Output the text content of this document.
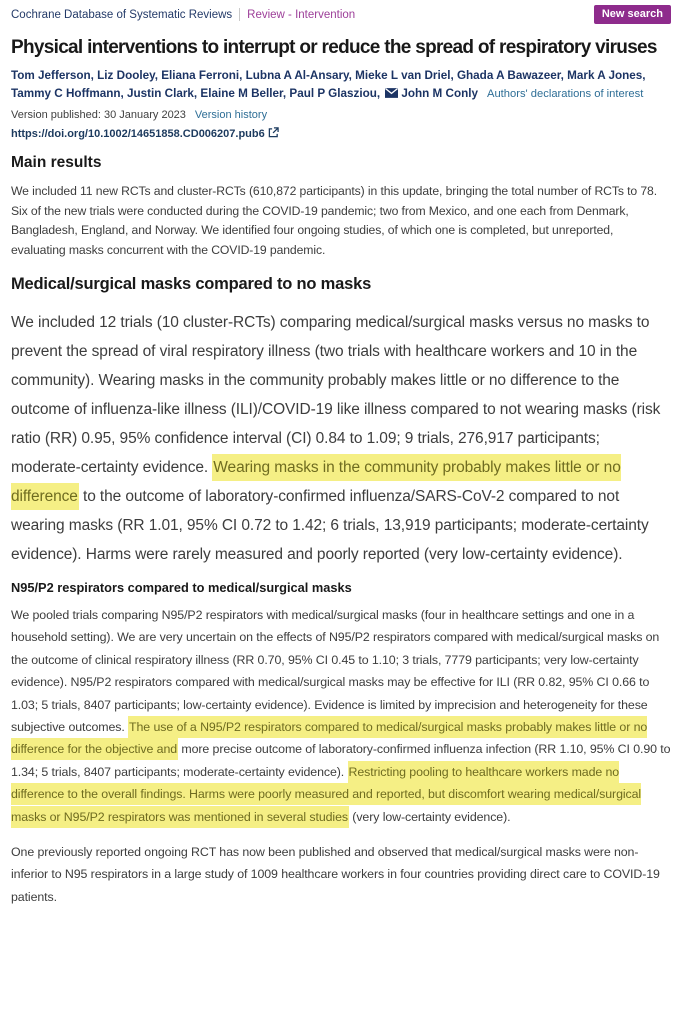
Cochrane Database of Systematic Reviews Review - Intervention	New search
Physical interventions to interrupt or reduce the spread of respiratory viruses

Tom Jefferson, Liz Dooley, Eliana Ferroni, Lubna A Al-Ansary, Mieke L van Driel, Ghada A Bawazeer, Mark A Jones, Tammy C Hoffmann, Justin Clark, Elaine M Beller, Paul P Glasziou, John M Conly Authors' declarations of interest

Version published: 30 January 2023 Version history

https://doi.org/10.1002/14651858.CD006207.pub6

Main results

We included 11 new RCTs and cluster-RCTs (610,872 participants) in this update, bringing the total number of RCTs to 78. Six of the new trials were conducted during the COVID-19 pandemic; two from Mexico, and one each from Denmark, Bangladesh, England, and Norway. We identified four ongoing studies, of which one is completed, but unreported, evaluating masks concurrent with the COVID-19 pandemic.

Medical/surgical masks compared to no masks

We included 12 trials (10 cluster-RCTs) comparing medical/surgical masks versus no masks to prevent the spread of viral respiratory illness (two trials with healthcare workers and 10 in the community). Wearing masks in the community probably makes little or no difference to the outcome of influenza-like illness (ILI)/COVID-19 like illness compared to not wearing masks (risk ratio (RR) 0.95, 95% confidence interval (CI) 0.84 to 1.09; 9 trials, 276,917 participants; moderate-certainty evidence. Wearing masks in the community probably makes little or no difference to the outcome of laboratory-confirmed influenza/SARS-CoV-2 compared to not wearing masks (RR 1.01, 95% CI 0.72 to 1.42; 6 trials, 13,919 participants; moderate-certainty evidence). Harms were rarely measured and poorly reported (very low-certainty evidence).

N95/P2 respirators compared to medical/surgical masks

We pooled trials comparing N95/P2 respirators with medical/surgical masks (four in healthcare settings and one in a household setting). We are very uncertain on the effects of N95/P2 respirators compared with medical/surgical masks on the outcome of clinical respiratory illness (RR 0.70, 95% CI 0.45 to 1.10; 3 trials, 7779 participants; very low-certainty evidence). N95/P2 respirators compared with medical/surgical masks may be effective for ILI (RR 0.82, 95% CI 0.66 to 1.03; 5 trials, 8407 participants; low-certainty evidence). Evidence is limited by imprecision and heterogeneity for these subjective outcomes. The use of a N95/P2 respirators compared to medical/surgical masks probably makes little or no difference for the objective and more precise outcome of laboratory-confirmed influenza infection (RR 1.10, 95% CI 0.90 to 1.34; 5 trials, 8407 participants; moderate-certainty evidence). Restricting pooling to healthcare workers made no difference to the overall findings. Harms were poorly measured and reported, but discomfort wearing medical/surgical masks or N95/P2 respirators was mentioned in several studies (very low-certainty evidence).

One previously reported ongoing RCT has now been published and observed that medical/surgical masks were non-inferior to N95 respirators in a large study of 1009 healthcare workers in four countries providing direct care to COVID-19 patients.
